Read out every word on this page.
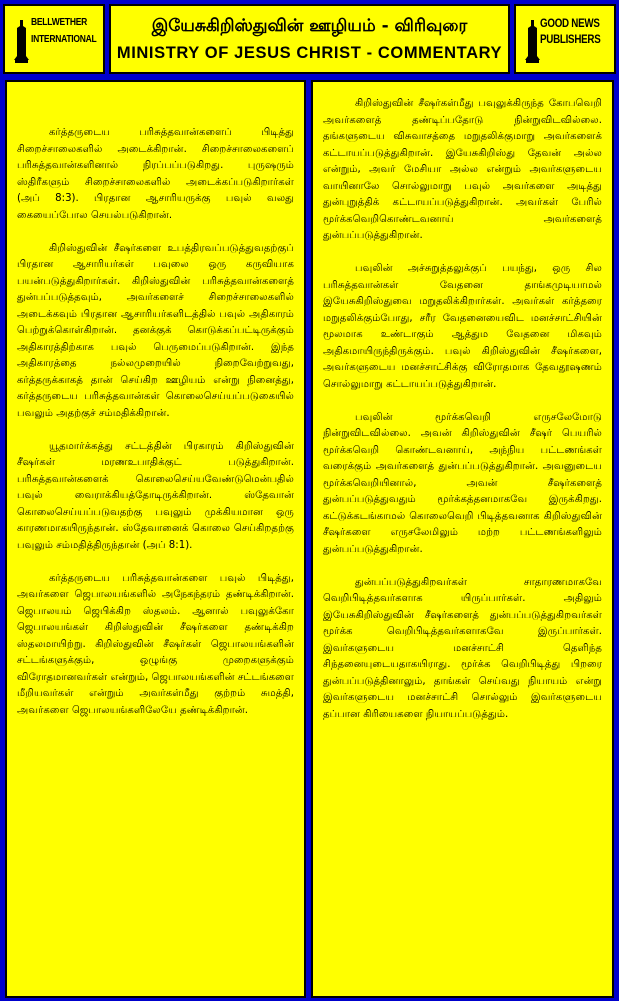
BELLWETHER
INTERNATIONAL
இயேசுகிறிஸ்துவின் ஊழியம் - விரிவுரை
MINISTRY OF JESUS CHRIST - COMMENTARY
GOOD NEWS
PUBLISHERS

கர்த்தருடைய பரிசுத்தவான்களைப் பிடித்து சிறைச்சாலைகளில் அடைக்கிறான். சிறைச்சாலைகளைப் பரிசுத்தவான்களினால் நிரப்பப்படுகிறது. புருஷரும் ஸ்திரீகளும் சிறைச்சாலைகளில் அடைக்கப்படுகிறார்கள் (அப் 8:3). பிரதான ஆசாரியருக்கு பவுல் வலது கையைப்போல செயல்படுகிறான்.

கிறிஸ்துவின் சீஷர்களை உபத்திரவப்படுத்துவதற்குப் பிரதான ஆசாரியர்கள் பவுலை ஒரு கருவியாக பயன்படுத்துகிறார்கள். கிறிஸ்துவின் பரிசுத்தவான்களைத் துன்பப்படுத்தவும், அவர்களைச் சிறைச்சாலைகளில் அடைக்கவும் பிரதான ஆசாரியர்களிடத்தில் பவுல் அதிகாரம் பெற்றுக்கொள்கிறான். தனக்குக் கொடுக்கப்பட்டிருக்கும் அதிகாரத்திற்காக பவுல் பெருமைப்படுகிறான். இந்த அதிகாரத்தை நல்லமுறையில் நிறைவேற்றுவது, கர்த்தருக்காகத் தான் செய்கிற ஊழியம் என்று நினைத்து, கர்த்தருடைய பரிசுத்தவான்கள் கொலைசெய்யப்படுகையில் பவலும் அதற்குச் சம்மதிக்கிறான்.

யூதமார்க்கத்து சட்டத்தின் பிரகாரம் கிறிஸ்துவின் சீஷர்கள் மரணஉபாதிக்குட் படுத்துகிறான். பரிசுத்தவான்களைக் கொலைசெய்யவேண்டுமென்பதில் பவுல் வைராக்கியத்தோடிருக்கிறான். ஸ்தேவான் கொலைசெய்யப்படுவதற்கு பவுலும் முக்கியமான ஒரு காரணமாகயிருந்தான். ஸ்தேவானைக் கொலை செய்கிறதற்கு பவுலும் சம்மதித்திருந்தான் (அப் 8:1).

கர்த்தருடைய பரிசுத்தவான்களை பவுல் பிடித்து, அவர்களை ஜெபாலயங்களில் அநேகந்தரம் தண்டிக்கிறான். ஜெபாலயம் ஜெபிக்கிற ஸ்தலம். ஆனால் பவுலுக்கோ ஜெபாலயங்கள் கிறிஸ்துவின் சீஷர்களை தண்டிக்கிற ஸ்தலமாயிற்று. கிறிஸ்துவின் சீஷர்கள் ஜெபாலயங்களின் சட்டங்களுக்கும், ஒழுங்கு முறைகளுக்கும் விரோதமானவர்கள் என்றும், ஜெபாலயங்களின் சட்டங்களை மீறியவர்கள் என்றும் அவர்கள்மீது குற்றம் சுமத்தி, அவர்களை ஜெபாலயங்களிலேயே தண்டிக்கிறான்.

கிறிஸ்துவின் சீஷர்கள்மீது பவுலுக்கிருந்த கோபவெறி அவர்களைத் தண்டிப்பதோடு நின்றுவிடவில்லை. தங்களுடைய விசுவாசத்தை மறுதலிக்குமாறு அவர்களைக் கட்டாயப்படுத்துகிறான். இயேசுகிறிஸ்து தேவன் அல்ல என்றும், அவர் மேசியா அல்ல என்றும் அவர்களுடைய வாயினாலே சொல்லுமாறு பவுல் அவர்களை அடித்து துன்புறுத்திக் கட்டாயப்படுத்துகிறான். அவர்கள் பேரில் மூர்க்கவெறிகொண்டவனாய் அவர்களைத் துன்பப்படுத்துகிறான்.

பவுலின் அச்சுறுத்தலுக்குப் பயந்து, ஒரு சில பரிசுத்தவான்கள் வேதனை தாங்கமுடியாமல் இயேசுகிறிஸ்துவை மறுதலிக்கிறார்கள். அவர்கள் கர்த்தரை மறுதலிக்கும்போது, சரீர வேதனையைவிட மனச்சாட்சியின் மூலமாக உண்டாகும் ஆத்தும வேதனை மிகவும் அதிகமாயிருந்திருக்கும். பவுல் கிறிஸ்துவின் சீஷர்களை, அவர்களுடைய மனச்சாட்சிக்கு விரோதமாக தேவதூஷணம் சொல்லுமாறு கட்டாயப்படுத்துகிறான்.

பவுலின் மூர்க்கவெறி எருசலேமோடு நின்றுவிடவில்லை. அவன் கிறிஸ்துவின் சீஷர் பெயரில் மூர்க்கவெறி கொண்டவனாய், அந்நிய பட்டணங்கள் வரைக்கும் அவர்களைத் துன்பப்படுத்துகிறான். அவனுடைய மூர்க்கவெறியினால், அவன் சீஷர்களைத் துன்பப்படுத்துவதும் மூர்க்கத்தனமாகவே இருக்கிறது. கட்டுக்கடங்காமல் கொலைவெறி பிடித்தவனாக கிறிஸ்துவின் சீஷர்களை எருசலேமிலும் மற்ற பட்டணங்களிலும் துன்பப்படுத்துகிறான்.

துன்பப்படுத்துகிறவர்கள் சாதாரணமாகவே வெறிபிடித்தவர்களாக யிருப்பார்கள். அதிலும் இயேசுகிறிஸ்துவின் சீஷர்களைத் துன்பப்படுத்துகிறவர்கள் மூர்க்க வெறிபிடித்தவர்களாகவே இருப்பார்கள். இவர்களுடைய மனச்சாட்சி தெளிந்த சிந்தனையுடையதாகயிராது. மூர்க்க வெறிபிடித்து பிறரை துன்பப்படுத்தினாலும், தாங்கள் செய்வது நியாயம் என்று இவர்களுடைய மனச்சாட்சி சொல்லும் இவர்களுடைய தப்பான கிரியைகளை நியாயப்படுத்தும்.
